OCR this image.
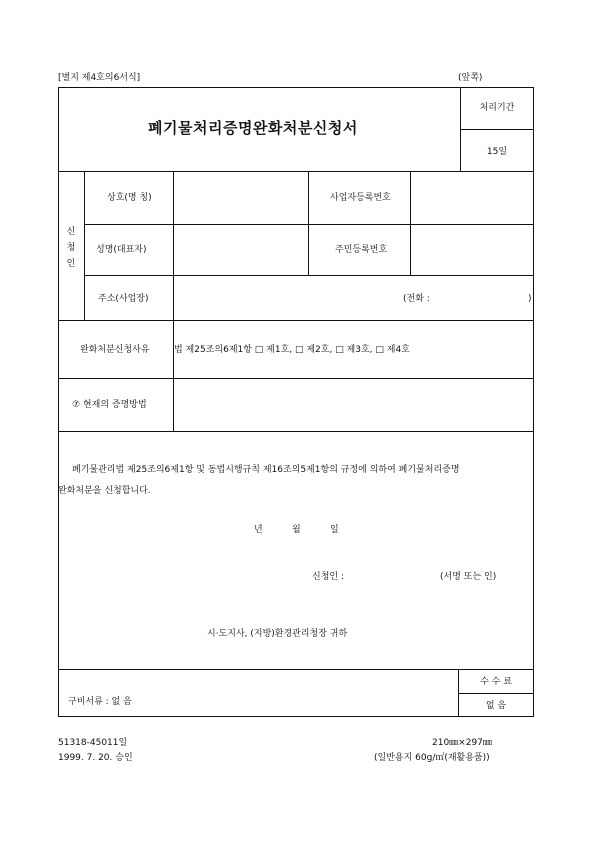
[별지 제4호의6서식]	(앞쪽)
폐기물처리증명완화처분신청서
처리기간
15일
신
청
인
상호(명 칭)	사업자등록번호
성명(대표자)	주민등록번호
주소(사업장)	(전화 :	)
완화처분신청사유	법 제25조의6제1항 □ 제1호, □ 제2호, □ 제3호, □ 제4호
⑦ 현재의 증명방법
폐기물관리법 제25조의6제1항 및 동법시행규칙 제16조의5제1항의 규정에 의하여 폐기물처리증명
완화처분을 신청합니다.
년	월	일
신청인 :	(서명 또는 인)
시·도지사, (지방)환경관리청장 귀하
구비서류 : 없 음
수 수 료
없 음
51318-45011일
1999. 7. 20. 승인
210㎜×297㎜
(일반용지 60g/㎡(재활용품))
